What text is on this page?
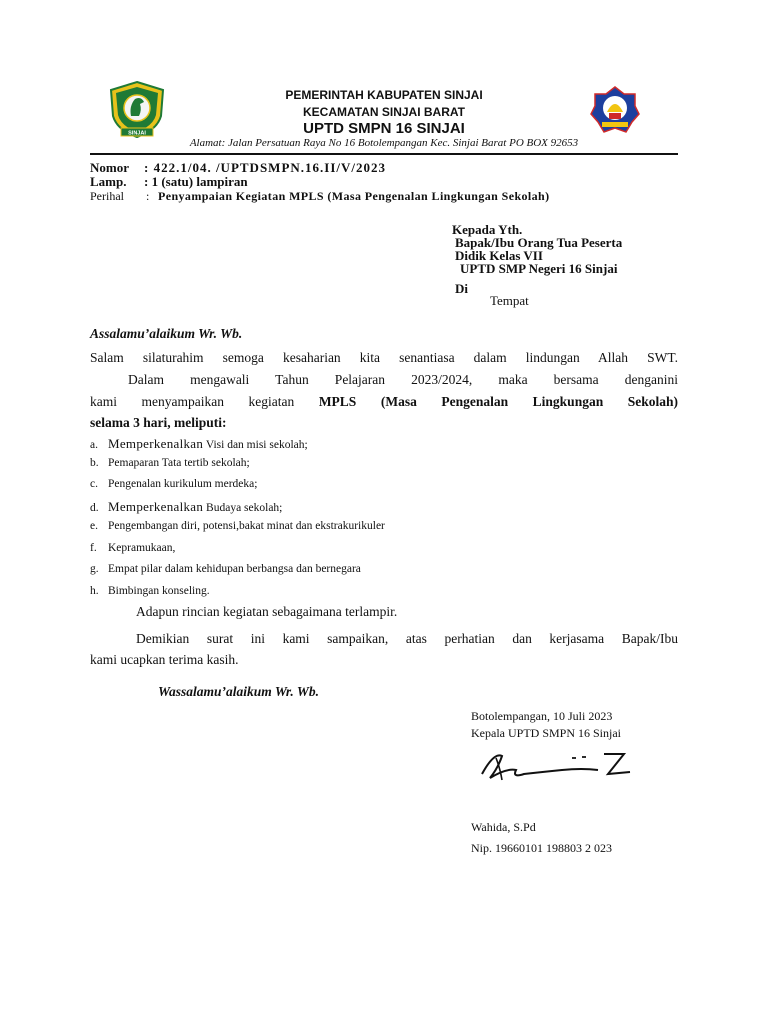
SINJAI
PEMERINTAH KABUPATEN SINJAI
KECAMATAN SINJAI BARAT
UPTD SMPN 16 SINJAI
Alamat: Jalan Persatuan Raya No 16 Botolempangan Kec. Sinjai Barat PO BOX 92653
Nomor : 422.1/04. /UPTDSMPN.16.II/V/2023
Lamp. : 1 (satu) lampiran
Perihal : Penyampaian Kegiatan MPLS (Masa Pengenalan Lingkungan Sekolah)
Kepada Yth.
Bapak/Ibu Orang Tua Peserta
Didik Kelas VII
UPTD SMP Negeri 16 Sinjai
Di
Tempat
Assalamu’alaikum Wr. Wb.
Salam silaturahim semoga kesaharian kita senantiasa dalam lindungan Allah SWT.
Dalam mengawali Tahun Pelajaran 2023/2024, maka bersama denganini
kami menyampaikan kegiatan MPLS (Masa Pengenalan Lingkungan Sekolah)
selama 3 hari, meliputi:
a. Memperkenalkan Visi dan misi sekolah;
b. Pemaparan Tata tertib sekolah;
c. Pengenalan kurikulum merdeka;
d. Memperkenalkan Budaya sekolah;
e. Pengembangan diri, potensi,bakat minat dan ekstrakurikuler
f. Kepramukaan,
g. Empat pilar dalam kehidupan berbangsa dan bernegara
h. Bimbingan konseling.
Adapun rincian kegiatan sebagaimana terlampir.
Demikian surat ini kami sampaikan, atas perhatian dan kerjasama Bapak/Ibu
kami ucapkan terima kasih.
Wassalamu’alaikum Wr. Wb.
Botolempangan, 10 Juli 2023
Kepala UPTD SMPN 16 Sinjai
Wahida, S.Pd
Nip. 19660101 198803 2 023
